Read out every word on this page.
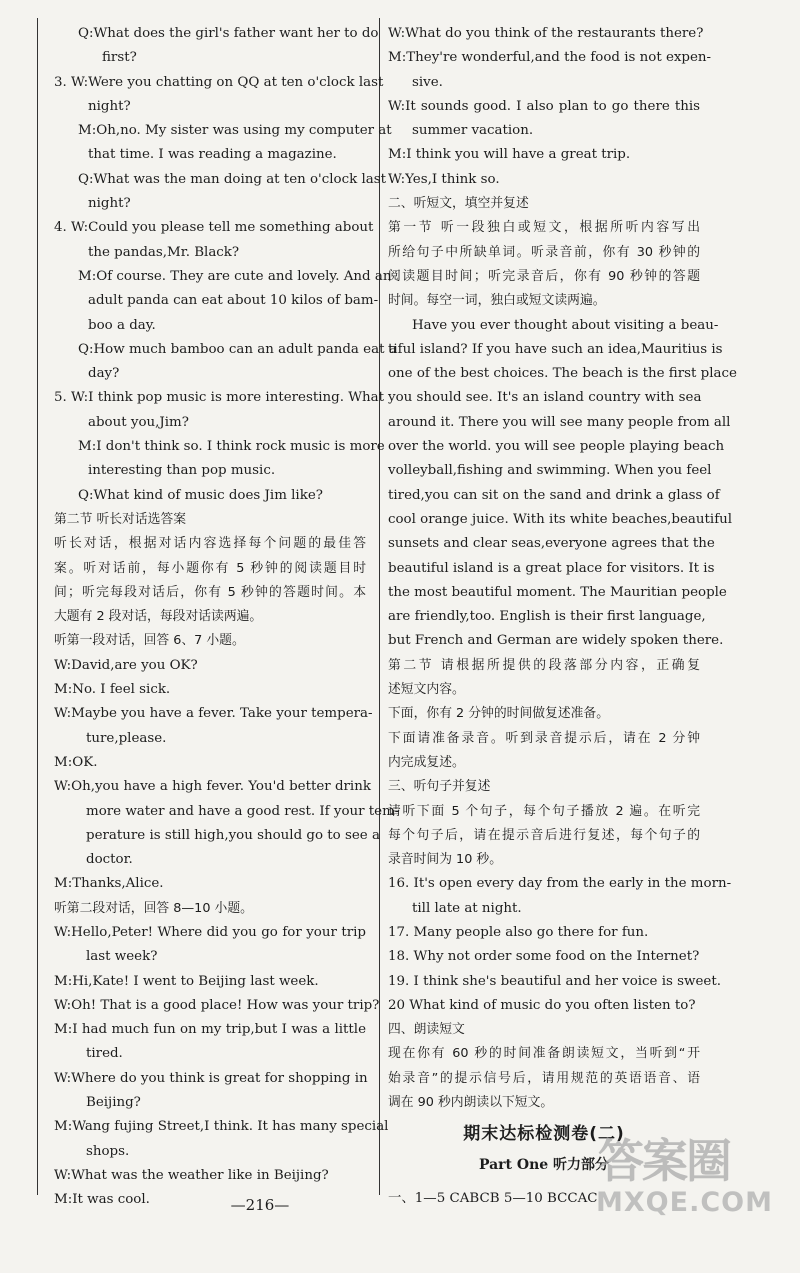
Q:What does the girl's father want her to do
first?
3. W:Were you chatting on QQ at ten o'clock last
night?
M:Oh,no. My sister was using my computer at
that time. I was reading a magazine.
Q:What was the man doing at ten o'clock last
night?
4. W:Could you please tell me something about
the pandas,Mr. Black?
M:Of course. They are cute and lovely. And an
adult panda can eat about 10 kilos of bam-
boo a day.
Q:How much bamboo can an adult panda eat a
day?
5. W:I think pop music is more interesting. What
about you,Jim?
M:I don't think so. I think rock music is more
interesting than pop music.
Q:What kind of music does Jim like?
第二节 听长对话选答案
听长对话，根据对话内容选择每个问题的最佳答
案。听对话前，每小题你有 5 秒钟的阅读题目时
间；听完每段对话后，你有 5 秒钟的答题时间。本
大题有 2 段对话，每段对话读两遍。
听第一段对话，回答 6、7 小题。
W:David,are you OK?
M:No. I feel sick.
W:Maybe you have a fever. Take your tempera-
ture,please.
M:OK.
W:Oh,you have a high fever. You'd better drink
more water and have a good rest. If your tem-
perature is still high,you should go to see a
doctor.
M:Thanks,Alice.
听第二段对话，回答 8—10 小题。
W:Hello,Peter! Where did you go for your trip
last week?
M:Hi,Kate! I went to Beijing last week.
W:Oh! That is a good place! How was your trip?
M:I had much fun on my trip,but I was a little
tired.
W:Where do you think is great for shopping in
Beijing?
M:Wang fujing Street,I think. It has many special
shops.
W:What was the weather like in Beijing?
M:It was cool.
W:What do you think of the restaurants there?
M:They're wonderful,and the food is not expen-
sive.
W:It sounds good. I also plan to go there this
summer vacation.
M:I think you will have a great trip.
W:Yes,I think so.
二、听短文，填空并复述
第一节 听一段独白或短文，根据所听内容写出
所给句子中所缺单词。听录音前，你有 30 秒钟的
阅读题目时间；听完录音后，你有 90 秒钟的答题
时间。每空一词，独白或短文读两遍。
Have you ever thought about visiting a beau-
tiful island? If you have such an idea,Mauritius is
one of the best choices. The beach is the first place
you should see. It's an island country with sea
around it. There you will see many people from all
over the world. you will see people playing beach
volleyball,fishing and swimming. When you feel
tired,you can sit on the sand and drink a glass of
cool orange juice. With its white beaches,beautiful
sunsets and clear seas,everyone agrees that the
beautiful island is a great place for visitors. It is
the most beautiful moment. The Mauritian people
are friendly,too. English is their first language,
but French and German are widely spoken there.
第二节 请根据所提供的段落部分内容，正确复
述短文内容。
下面，你有 2 分钟的时间做复述准备。
下面请准备录音。听到录音提示后，请在 2 分钟
内完成复述。
三、听句子并复述
请听下面 5 个句子，每个句子播放 2 遍。在听完
每个句子后，请在提示音后进行复述，每个句子的
录音时间为 10 秒。
16. It's open every day from the early in the morn-
till late at night.
17. Many people also go there for fun.
18. Why not order some food on the Internet?
19. I think she's beautiful and her voice is sweet.
20 What kind of music do you often listen to?
四、朗读短文
现在你有 60 秒的时间准备朗读短文，当听到“开
始录音”的提示信号后，请用规范的英语语音、语
调在 90 秒内朗读以下短文。
期末达标检测卷(二)
Part One 听力部分
一、1—5 CABCB 5—10 BCCAC
—216—
答案圈
MXQE.COM
